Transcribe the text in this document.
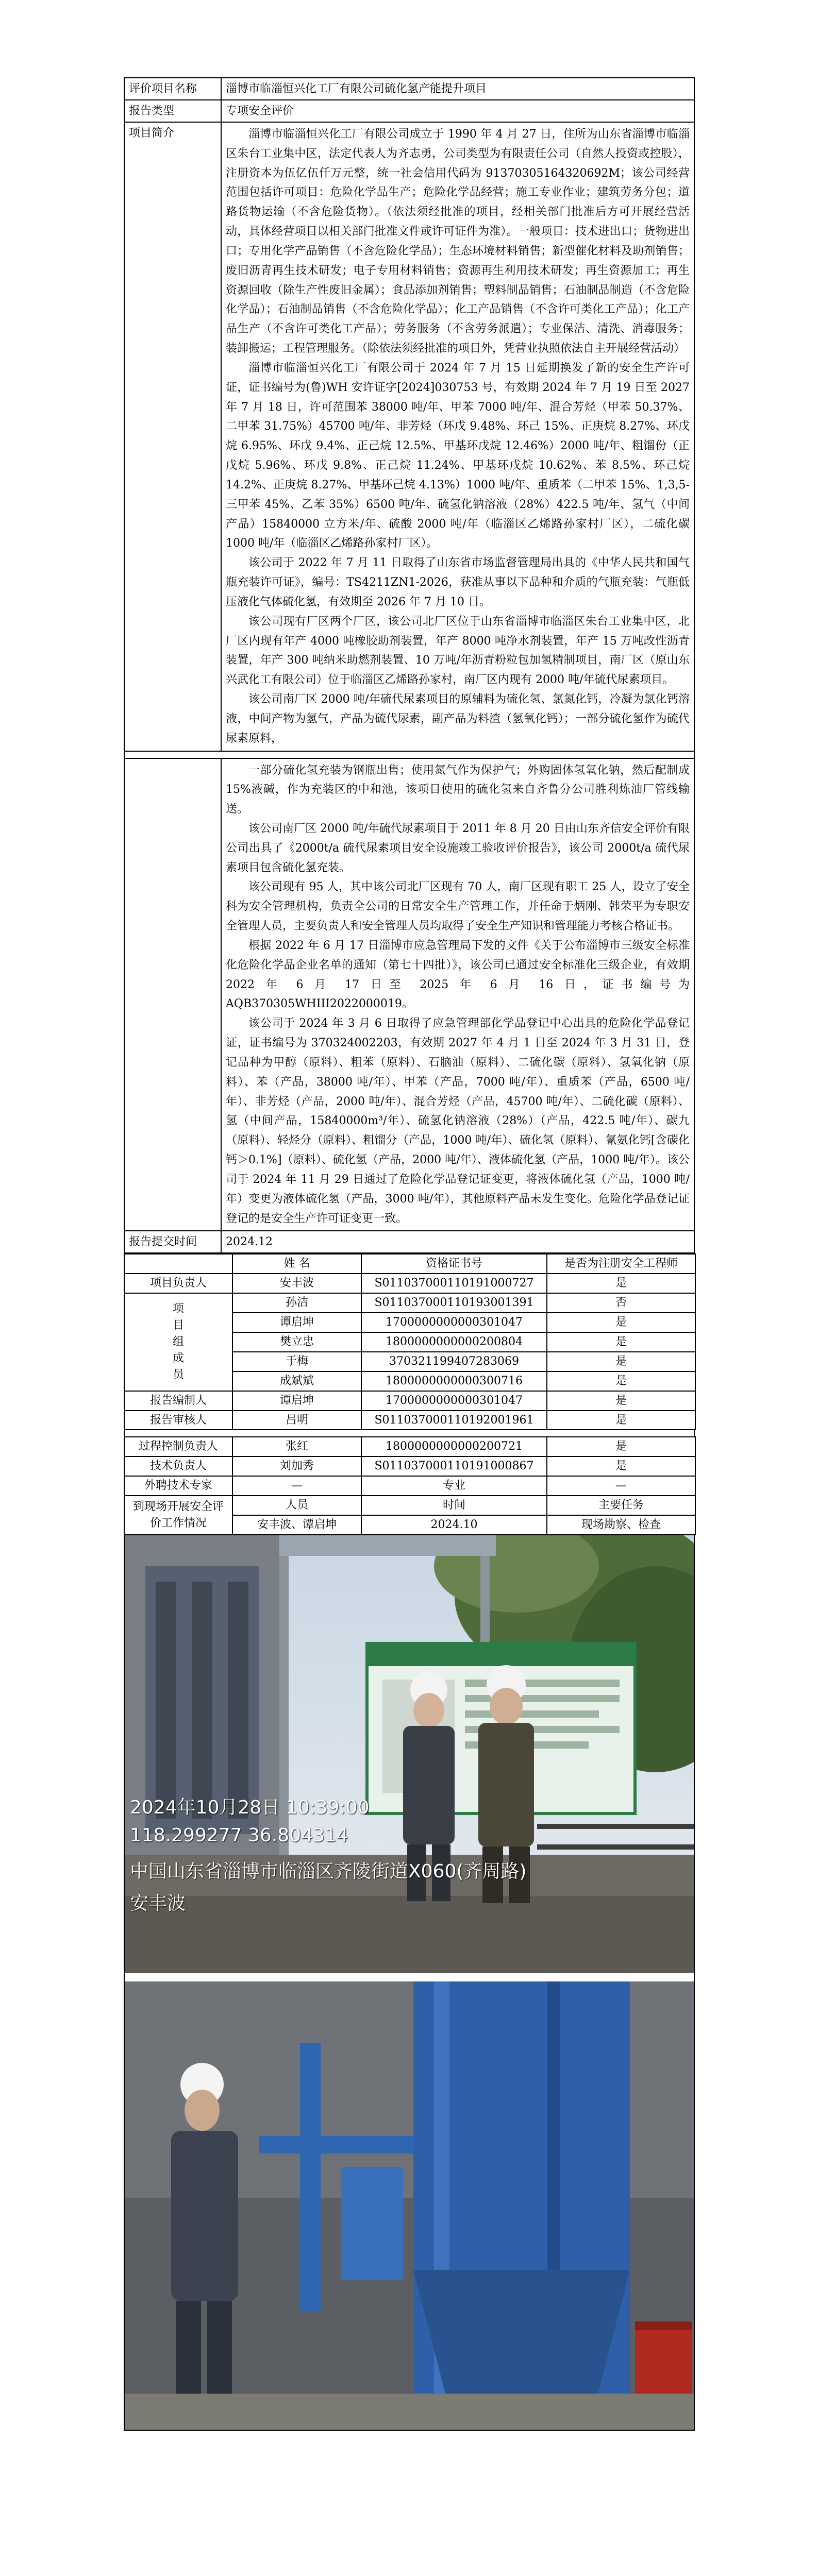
评价项目名称	淄博市临淄恒兴化工厂有限公司硫化氢产能提升项目
报告类型	专项安全评价
项目简介	淄博市临淄恒兴化工厂有限公司成立于 1990 年 4 月 27 日，住所为山东省淄博市临淄区朱台工业集中区，法定代表人为齐志勇，公司类型为有限责任公司（自然人投资或控股），注册资本为伍亿伍仟万元整，统一社会信用代码为 91370305164320692M；该公司经营范围包括许可项目：危险化学品生产；危险化学品经营；施工专业作业；建筑劳务分包；道路货物运输（不含危险货物）。（依法须经批准的项目，经相关部门批准后方可开展经营活动，具体经营项目以相关部门批准文件或许可证件为准）。一般项目：技术进出口；货物进出口；专用化学产品销售（不含危险化学品）；生态环境材料销售；新型催化材料及助剂销售；废旧沥青再生技术研发；电子专用材料销售；资源再生利用技术研发；再生资源加工；再生资源回收（除生产性废旧金属）；食品添加剂销售；塑料制品销售；石油制品制造（不含危险化学品）；石油制品销售（不含危险化学品）；化工产品销售（不含许可类化工产品）；化工产品生产（不含许可类化工产品）；劳务服务（不含劳务派遣）；专业保洁、清洗、消毒服务；装卸搬运；工程管理服务。（除依法须经批准的项目外，凭营业执照依法自主开展经营活动）

淄博市临淄恒兴化工厂有限公司于 2024 年 7 月 15 日延期换发了新的安全生产许可证，证书编号为(鲁)WH 安许证字[2024]030753 号，有效期 2024 年 7 月 19 日至 2027 年 7 月 18 日，许可范围苯 38000 吨/年、甲苯 7000 吨/年、混合芳烃（甲苯 50.37%、二甲苯 31.75%）45700 吨/年、非芳烃（环戊 9.48%、环己 15%、正庚烷 8.27%、环戊烷 6.95%、环戊 9.4%、正己烷 12.5%、甲基环戊烷 12.46%）2000 吨/年、粗馏份（正戊烷 5.96%、环戊 9.8%、正己烷 11.24%、甲基环戊烷 10.62%、苯 8.5%、环己烷 14.2%、正庚烷 8.27%、甲基环己烷 4.13%）1000 吨/年、重质苯（二甲苯 15%、1,3,5-三甲苯 45%、乙苯 35%）6500 吨/年、硫氢化钠溶液（28%）422.5 吨/年、氢气（中间产品）15840000 立方米/年、硫酸 2000 吨/年（临淄区乙烯路孙家村厂区），二硫化碳 1000 吨/年（临淄区乙烯路孙家村厂区）。

该公司于 2022 年 7 月 11 日取得了山东省市场监督管理局出具的《中华人民共和国气瓶充装许可证》，编号：TS4211ZN1-2026，获准从事以下品种和介质的气瓶充装：气瓶低压液化气体硫化氢，有效期至 2026 年 7 月 10 日。

该公司现有厂区两个厂区，该公司北厂区位于山东省淄博市临淄区朱台工业集中区，北厂区内现有年产 4000 吨橡胶助剂装置，年产 8000 吨净水剂装置，年产 15 万吨改性沥青装置，年产 300 吨纳米助燃剂装置、10 万吨/年沥青粉粒包加氢精制项目，南厂区（原山东兴武化工有限公司）位于临淄区乙烯路孙家村，南厂区内现有 2000 吨/年硫代尿素项目。

该公司南厂区 2000 吨/年硫代尿素项目的原辅料为硫化氢、氯氮化钙，冷凝为氯化钙溶液，中间产物为氢气，产品为硫代尿素，副产品为料渣（氢氧化钙）；一部分硫化氢作为硫代尿素原料，

	一部分硫化氢充装为钢瓶出售；使用氮气作为保护气；外购固体氢氧化钠，然后配制成 15%液碱，作为充装区的中和池，该项目使用的硫化氢来自齐鲁分公司胜利炼油厂管线输送。

该公司南厂区 2000 吨/年硫代尿素项目于 2011 年 8 月 20 日由山东齐信安全评价有限公司出具了《2000t/a 硫代尿素项目安全设施竣工验收评价报告》，该公司 2000t/a 硫代尿素项目包含硫化氢充装。

该公司现有 95 人，其中该公司北厂区现有 70 人，南厂区现有职工 25 人，设立了安全科为安全管理机构，负责全公司的日常安全生产管理工作，并任命于炳刚、韩荣平为专职安全管理人员，主要负责人和安全管理人员均取得了安全生产知识和管理能力考核合格证书。

根据 2022 年 6 月 17 日淄博市应急管理局下发的文件《关于公布淄博市三级安全标准化危险化学品企业名单的通知（第七十四批）》，该公司已通过安全标准化三级企业，有效期 2022 年 6 月 17 日至 2025 年 6 月 16 日，证书编号为 AQB370305WHIII2022000019。

该公司于 2024 年 3 月 6 日取得了应急管理部化学品登记中心出具的危险化学品登记证，证书编号为 370324002203，有效期 2027 年 4 月 1 日至 2024 年 3 月 31 日，登记品种为甲醇（原料）、粗苯（原料）、石脑油（原料）、二硫化碳（原料）、氢氧化钠（原料）、苯（产品，38000 吨/年）、甲苯（产品，7000 吨/年）、重质苯（产品，6500 吨/年）、非芳烃（产品，2000 吨/年）、混合芳烃（产品，45700 吨/年）、二硫化碳（原料）、氢（中间产品，15840000m³/年）、硫氢化钠溶液（28%）（产品，422.5 吨/年）、碳九（原料）、轻烃分（原料）、粗馏分（产品，1000 吨/年）、硫化氢（原料）、氰氨化钙[含碳化钙＞0.1%]（原料）、硫化氢（产品，2000 吨/年）、液体硫化氢（产品，1000 吨/年）。该公司于 2024 年 11 月 29 日通过了危险化学品登记证变更，将液体硫化氢（产品，1000 吨/年）变更为液体硫化氢（产品，3000 吨/年），其他原料产品未发生变化。危险化学品登记证登记的是安全生产许可证变更一致。

报告提交时间	2024.12
	姓 名	资格证书号	是否为注册安全工程师
项目负责人	安丰波	S011037000110191000727	是
项 目 组 成 员	孙洁	S011037000110193001391	否
	谭启坤	1700000000000301047	是
	樊立忠	1800000000000200804	是
	于梅	370321199407283069	是
	成斌斌	1800000000000300716	是
报告编制人	谭启坤	1700000000000301047	是
报告审核人	吕明	S011037000110192001961	是
过程控制负责人	张红	1800000000000200721	是
技术负责人	刘加秀	S011037000110191000867	是
外聘技术专家	—	专业	—
到现场开展安全评价工作情况	人员	时间	主要任务
	安丰波、谭启坤	2024.10	现场勘察、检查
2024年10月28日 10:39:00
118.299277 36.804314
中国山东省淄博市临淄区齐陵街道X060(齐周路)
安丰波
